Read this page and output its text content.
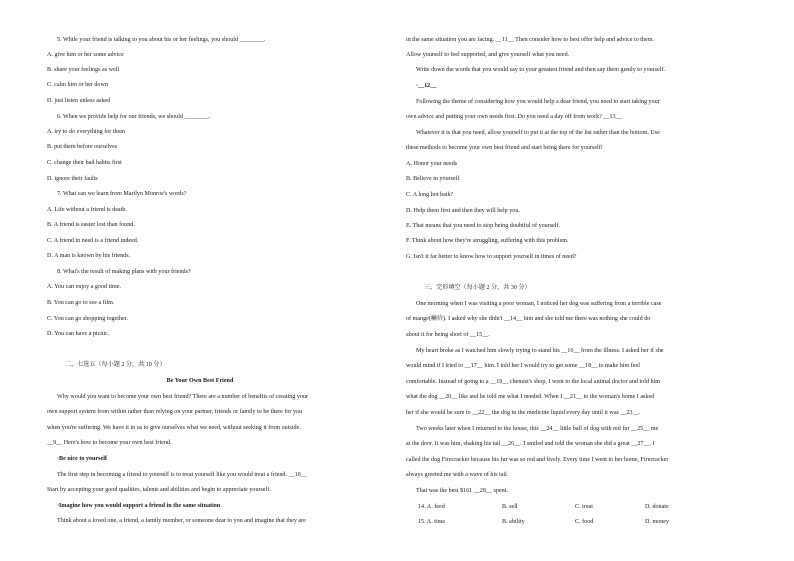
5. While your friend is talking to you about his or her feelings, you should ________.
A. give him or her some advice
B. share your feelings as well
C. calm him or her down
D. just listen unless asked
6. When we provide help for our friends, we should ________.
A. try to do everything for them
B. put them before ourselves
C. change their bad habits first
D. ignore their faults
7. What can we learn from Marilyn Monroe's words?
A. Life without a friend is death.
B. A friend is easier lost than found.
C. A friend in need is a friend indeed.
D. A man is known by his friends.
8. What's the result of making plans with your friends?
A. You can enjoy a good time.
B. You can go to see a film.
C. You can go shopping together.
D. You can have a picnic.
二、七选五（每小题 2 分，共 10 分）
Be Your Own Best Friend
Why would you want to become your own best friend? There are a number of benefits of creating your
own support system from within rather than relying on your partner, friends or family to be there for you
when you're suffering. We have it in us to give ourselves what we need, without seeking it from outside.
__9__ Here's how to become your own best friend.
·Be nice to yourself
The first step in becoming a friend to yourself is to treat yourself like you would treat a friend. __10__
Start by accepting your good qualities, talents and abilities and begin to appreciate yourself.
·Imagine how you would support a friend in the same situation
Think about a loved one, a friend, a family member, or someone dear to you and imagine that they are
in the same situation you are facing. __11__ Then consider how to best offer help and advice to them.
Allow yourself to feel supported, and give yourself what you need.
Write down the words that you would say to your greatest friend and then say them gently to yourself.
·__12__
Following the theme of considering how you would help a dear friend, you need to start taking your
own advice and putting your own needs first. Do you need a day off from work? __13__
Whatever it is that you need, allow yourself to put it at the top of the list rather than the bottom. Use
these methods to become your own best friend and start being there for yourself!
A. Honor your needs
B. Believe in yourself
C. A long hot bath?
D. Help them first and then they will help you.
E. That means that you need to stop being doubtful of yourself.
F. Think about how they're struggling, suffering with this problem.
G. Isn't it far better to know how to support yourself in times of need?
三、完形填空（每小题 2 分，共 30 分）
One morning when I was visiting a poor woman, I noticed her dog was suffering from a terrible case
of mange(癞疥). I asked why she didn't __14__ him and she told me there was nothing she could do
about it for being short of __15__.
My heart broke as I watched him slowly trying to stand his __16__ from the illness. I asked her if she
would mind if I tried to __17__ him. I told her I would try to get some __18__ to make him feel
comfortable. Instead of going to a __19__ chemist's shop, I went to the local animal doctor and told him
what the dog __20__ like and he told me what I needed. When I __21__ to the woman's home I asked
her if she would be sure to __22__ the dog in the medicine liquid every day until it was __23__.
Two weeks later when I returned to the house, this __24__ little ball of dog with red fur __25__ me
at the door. It was him, shaking his tail __26__. I smiled and told the woman she did a great __27__. I
called the dog Firecracker because his fur was so red and lively. Every time I went to her home, Firecracker
always greeted me with a wave of his tail.
That was the best $161 __28__ spent.
14. A. feed	B. sell	C. treat	D. donate
15. A. time	B. ability	C. food	D. money
